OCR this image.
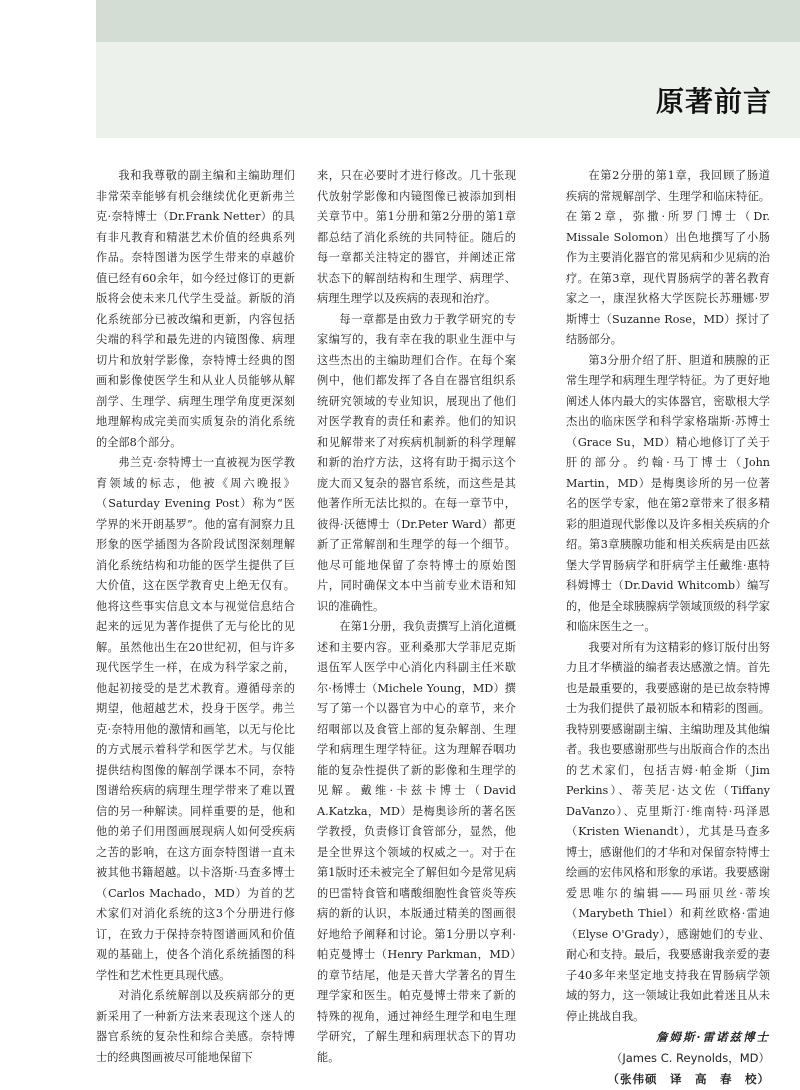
原著前言

我和我尊敬的副主编和主编助理们非常荣幸能够有机会继续优化更新弗兰克·奈特博士（Dr.Frank Netter）的具有非凡教育和精湛艺术价值的经典系列作品。奈特图谱为医学生带来的卓越价值已经有60余年，如今经过修订的更新版将会使未来几代学生受益。新版的消化系统部分已被改编和更新，内容包括尖端的科学和最先进的内镜图像、病理切片和放射学影像，奈特博士经典的图画和影像使医学生和从业人员能够从解剖学、生理学、病理生理学角度更深刻地理解构成完美而实质复杂的消化系统的全部8个部分。

弗兰克·奈特博士一直被视为医学教育领域的标志，他被《周六晚报》（Saturday Evening Post）称为“医学界的米开朗基罗”。他的富有洞察力且形象的医学插图为各阶段试图深刻理解消化系统结构和功能的医学生提供了巨大价值，这在医学教育史上绝无仅有。他将这些事实信息文本与视觉信息结合起来的远见为著作提供了无与伦比的见解。虽然他出生在20世纪初，但与许多现代医学生一样，在成为科学家之前，他起初接受的是艺术教育。遵循母亲的期望，他超越艺术，投身于医学。弗兰克·奈特用他的激情和画笔，以无与伦比的方式展示着科学和医学艺术。与仅能提供结构图像的解剖学课本不同，奈特图谱给疾病的病理生理学带来了难以置信的另一种解读。同样重要的是，他和他的弟子们用图画展现病人如何受疾病之苦的影响，在这方面奈特图谱一直未被其他书籍超越。以卡洛斯·马查多博士（Carlos Machado，MD）为首的艺术家们对消化系统的这3个分册进行修订，在致力于保持奈特图谱画风和价值观的基础上，使各个消化系统插图的科学性和艺术性更具现代感。

对消化系统解剖以及疾病部分的更新采用了一种新方法来表现这个迷人的器官系统的复杂性和综合美感。奈特博士的经典图画被尽可能地保留下

来，只在必要时才进行修改。几十张现代放射学影像和内镜图像已被添加到相关章节中。第1分册和第2分册的第1章都总结了消化系统的共同特征。随后的每一章都关注特定的器官，并阐述正常状态下的解剖结构和生理学、病理学、病理生理学以及疾病的表现和治疗。

每一章都是由致力于教学研究的专家编写的，我有幸在我的职业生涯中与这些杰出的主编助理们合作。在每个案例中，他们都发挥了各自在器官组织系统研究领域的专业知识，展现出了他们对医学教育的责任和素养。他们的知识和见解带来了对疾病机制新的科学理解和新的治疗方法，这将有助于揭示这个庞大而又复杂的器官系统，而这些是其他著作所无法比拟的。在每一章节中，彼得·沃德博士（Dr.Peter Ward）都更新了正常解剖和生理学的每一个细节。他尽可能地保留了奈特博士的原始图片，同时确保文本中当前专业术语和知识的准确性。

在第1分册，我负责撰写上消化道概述和主要内容。亚利桑那大学菲尼克斯退伍军人医学中心消化内科副主任米歇尔·杨博士（Michele Young，MD）撰写了第一个以器官为中心的章节，来介绍咽部以及食管上部的复杂解剖、生理学和病理生理学特征。这为理解吞咽功能的复杂性提供了新的影像和生理学的见解。戴维·卡兹卡博士（David A.Katzka，MD）是梅奥诊所的著名医学教授，负责修订食管部分，显然，他是全世界这个领域的权威之一。对于在第1版时还未被完全了解但如今是常见病的巴雷特食管和嗜酸细胞性食管炎等疾病的新的认识，本版通过精美的图画很好地给予阐释和讨论。第1分册以亨利·帕克曼博士（Henry Parkman，MD）的章节结尾，他是天普大学著名的胃生理学家和医生。帕克曼博士带来了新的特殊的视角，通过神经生理学和电生理学研究，了解生理和病理状态下的胃功能。

在第2分册的第1章，我回顾了肠道疾病的常规解剖学、生理学和临床特征。在第2章，弥撒·所罗门博士（Dr. Missale Solomon）出色地撰写了小肠作为主要消化器官的常见病和少见病的治疗。在第3章，现代胃肠病学的著名教育家之一，康涅狄格大学医院长苏珊娜·罗斯博士（Suzanne Rose，MD）探讨了结肠部分。

第3分册介绍了肝、胆道和胰腺的正常生理学和病理生理学特征。为了更好地阐述人体内最大的实体器官，密歇根大学杰出的临床医学和科学家格瑞斯·苏博士（Grace Su，MD）精心地修订了关于肝的部分。约翰·马丁博士（John Martin，MD）是梅奥诊所的另一位著名的医学专家，他在第2章带来了很多精彩的胆道现代影像以及许多相关疾病的介绍。第3章胰腺功能和相关疾病是由匹兹堡大学胃肠病学和肝病学主任戴维·惠特科姆博士（Dr.David Whitcomb）编写的，他是全球胰腺病学领域顶级的科学家和临床医生之一。

我要对所有为这精彩的修订版付出努力且才华横溢的编者表达感激之情。首先也是最重要的，我要感谢的是已故奈特博士为我们提供了最初版本和精彩的图画。我特别要感谢副主编、主编助理及其他编者。我也要感谢那些与出版商合作的杰出的艺术家们，包括吉姆·帕金斯（Jim Perkins）、蒂芙尼·达文佐（Tiffany DaVanzo）、克里斯汀·维南特·玛泽恩（Kristen Wienandt），尤其是马查多博士，感谢他们的才华和对保留奈特博士绘画的宏伟风格和形象的承诺。我要感谢爱思唯尔的编辑——玛丽贝丝·蒂埃（Marybeth Thiel）和莉丝欧格·雷迪（Elyse O'Grady），感谢她们的专业、耐心和支持。最后，我要感谢我亲爱的妻子40多年来坚定地支持我在胃肠病学领域的努力，这一领域让我如此着迷且从未停止挑战自我。

詹姆斯·雷诺兹博士
（James C. Reynolds，MD）
（张伟硕　译　高　春　校）
